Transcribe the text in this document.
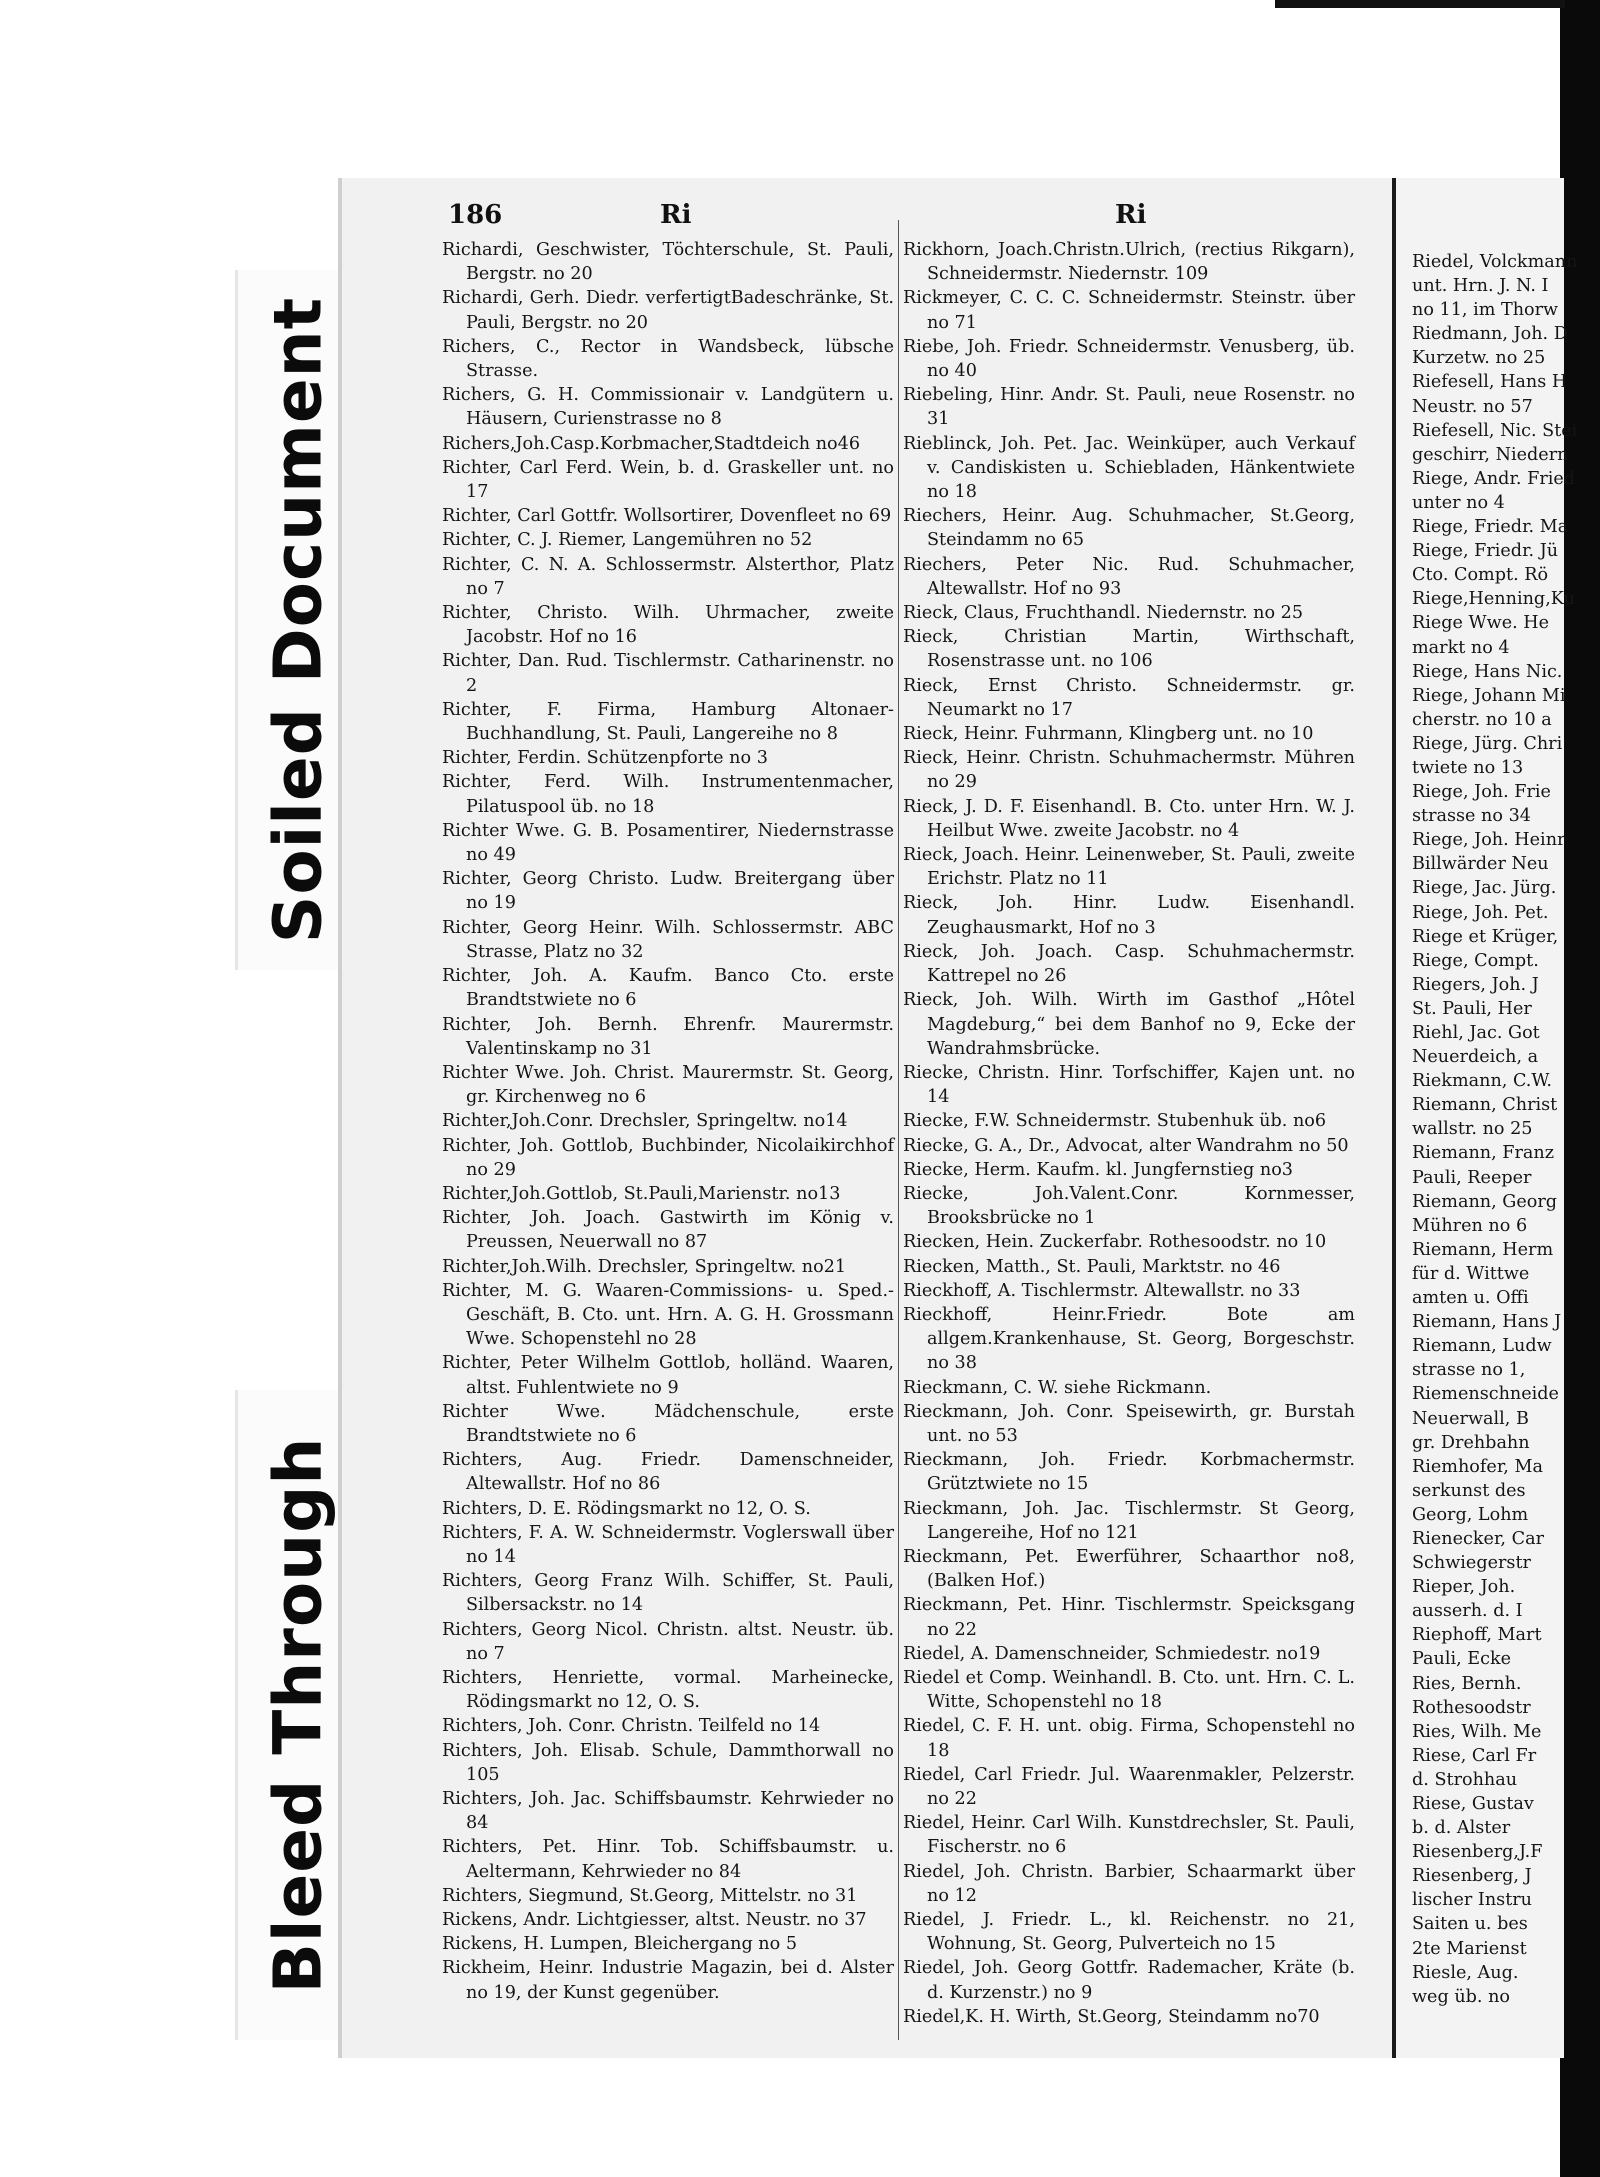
Soiled Document
Bleed Through
186	Ri	Ri
Richardi, Geschwister, Töchterschule, St. Pauli, Bergstr. no 20
Richardi, Gerh. Diedr. verfertigtBadeschränke, St. Pauli, Bergstr. no 20
Richers, C., Rector in Wandsbeck, lübsche Strasse.
Richers, G. H. Commissionair v. Landgütern u. Häusern, Curienstrasse no 8
Richers,Joh.Casp.Korbmacher,Stadtdeich no46
Richter, Carl Ferd. Wein, b. d. Graskeller unt. no 17
Richter, Carl Gottfr. Wollsortirer, Dovenfleet no 69
Richter, C. J. Riemer, Langemühren no 52
Richter, C. N. A. Schlossermstr. Alsterthor, Platz no 7
Richter, Christo. Wilh. Uhrmacher, zweite Jacobstr. Hof no 16
Richter, Dan. Rud. Tischlermstr. Catharinenstr. no 2
Richter, F. Firma, Hamburg Altonaer-Buchhandlung, St. Pauli, Langereihe no 8
Richter, Ferdin. Schützenpforte no 3
Richter, Ferd. Wilh. Instrumentenmacher, Pilatuspool üb. no 18
Richter Wwe. G. B. Posamentirer, Niedernstrasse no 49
Richter, Georg Christo. Ludw. Breitergang über no 19
Richter, Georg Heinr. Wilh. Schlossermstr. ABC Strasse, Platz no 32
Richter, Joh. A. Kaufm. Banco Cto. erste Brandtstwiete no 6
Richter, Joh. Bernh. Ehrenfr. Maurermstr. Valentinskamp no 31
Richter Wwe. Joh. Christ. Maurermstr. St. Georg, gr. Kirchenweg no 6
Richter,Joh.Conr. Drechsler, Springeltw. no14
Richter, Joh. Gottlob, Buchbinder, Nicolaikirchhof no 29
Richter,Joh.Gottlob, St.Pauli,Marienstr. no13
Richter, Joh. Joach. Gastwirth im König v. Preussen, Neuerwall no 87
Richter,Joh.Wilh. Drechsler, Springeltw. no21
Richter, M. G. Waaren-Commissions- u. Sped.-Geschäft, B. Cto. unt. Hrn. A. G. H. Grossmann Wwe. Schopenstehl no 28
Richter, Peter Wilhelm Gottlob, holländ. Waaren, altst. Fuhlentwiete no 9
Richter Wwe. Mädchenschule, erste Brandtstwiete no 6
Richters, Aug. Friedr. Damenschneider, Altewallstr. Hof no 86
Richters, D. E. Rödingsmarkt no 12, O. S.
Richters, F. A. W. Schneidermstr. Voglerswall über no 14
Richters, Georg Franz Wilh. Schiffer, St. Pauli, Silbersackstr. no 14
Richters, Georg Nicol. Christn. altst. Neustr. üb. no 7
Richters, Henriette, vormal. Marheinecke, Rödingsmarkt no 12, O. S.
Richters, Joh. Conr. Christn. Teilfeld no 14
Richters, Joh. Elisab. Schule, Dammthorwall no 105
Richters, Joh. Jac. Schiffsbaumstr. Kehrwieder no 84
Richters, Pet. Hinr. Tob. Schiffsbaumstr. u. Aeltermann, Kehrwieder no 84
Richters, Siegmund, St.Georg, Mittelstr. no 31
Rickens, Andr. Lichtgiesser, altst. Neustr. no 37
Rickens, H. Lumpen, Bleichergang no 5
Rickheim, Heinr. Industrie Magazin, bei d. Alster no 19, der Kunst gegenüber.
Rickhorn, Joach.Christn.Ulrich, (rectius Rikgarn), Schneidermstr. Niedernstr. 109
Rickmeyer, C. C. C. Schneidermstr. Steinstr. über no 71
Riebe, Joh. Friedr. Schneidermstr. Venusberg, üb. no 40
Riebeling, Hinr. Andr. St. Pauli, neue Rosenstr. no 31
Rieblinck, Joh. Pet. Jac. Weinküper, auch Verkauf v. Candiskisten u. Schiebladen, Hänkentwiete no 18
Riechers, Heinr. Aug. Schuhmacher, St.Georg, Steindamm no 65
Riechers, Peter Nic. Rud. Schuhmacher, Altewallstr. Hof no 93
Rieck, Claus, Fruchthandl. Niedernstr. no 25
Rieck, Christian Martin, Wirthschaft, Rosenstrasse unt. no 106
Rieck, Ernst Christo. Schneidermstr. gr. Neumarkt no 17
Rieck, Heinr. Fuhrmann, Klingberg unt. no 10
Rieck, Heinr. Christn. Schuhmachermstr. Mühren no 29
Rieck, J. D. F. Eisenhandl. B. Cto. unter Hrn. W. J. Heilbut Wwe. zweite Jacobstr. no 4
Rieck, Joach. Heinr. Leinenweber, St. Pauli, zweite Erichstr. Platz no 11
Rieck, Joh. Hinr. Ludw. Eisenhandl. Zeughausmarkt, Hof no 3
Rieck, Joh. Joach. Casp. Schuhmachermstr. Kattrepel no 26
Rieck, Joh. Wilh. Wirth im Gasthof „Hôtel Magdeburg,“ bei dem Banhof no 9, Ecke der Wandrahmsbrücke.
Riecke, Christn. Hinr. Torfschiffer, Kajen unt. no 14
Riecke, F.W. Schneidermstr. Stubenhuk üb. no6
Riecke, G. A., Dr., Advocat, alter Wandrahm no 50
Riecke, Herm. Kaufm. kl. Jungfernstieg no3
Riecke, Joh.Valent.Conr. Kornmesser, Brooksbrücke no 1
Riecken, Hein. Zuckerfabr. Rothesoodstr. no 10
Riecken, Matth., St. Pauli, Marktstr. no 46
Rieckhoff, A. Tischlermstr. Altewallstr. no 33
Rieckhoff, Heinr.Friedr. Bote am allgem.Krankenhause, St. Georg, Borgeschstr. no 38
Rieckmann, C. W. siehe Rickmann.
Rieckmann, Joh. Conr. Speisewirth, gr. Burstah unt. no 53
Rieckmann, Joh. Friedr. Korbmachermstr. Grütztwiete no 15
Rieckmann, Joh. Jac. Tischlermstr. St Georg, Langereihe, Hof no 121
Rieckmann, Pet. Ewerführer, Schaarthor no8, (Balken Hof.)
Rieckmann, Pet. Hinr. Tischlermstr. Speicksgang no 22
Riedel, A. Damenschneider, Schmiedestr. no19
Riedel et Comp. Weinhandl. B. Cto. unt. Hrn. C. L. Witte, Schopenstehl no 18
Riedel, C. F. H. unt. obig. Firma, Schopenstehl no 18
Riedel, Carl Friedr. Jul. Waarenmakler, Pelzerstr. no 22
Riedel, Heinr. Carl Wilh. Kunstdrechsler, St. Pauli, Fischerstr. no 6
Riedel, Joh. Christn. Barbier, Schaarmarkt über no 12
Riedel, J. Friedr. L., kl. Reichenstr. no 21, Wohnung, St. Georg, Pulverteich no 15
Riedel, Joh. Georg Gottfr. Rademacher, Kräte (b. d. Kurzenstr.) no 9
Riedel,K. H. Wirth, St.Georg, Steindamm no70
Riedel, Volckmann
unt. Hrn. J. N. I
no 11, im Thorw
Riedmann, Joh. D
Kurzetw. no 25
Riefesell, Hans H
Neustr. no 57
Riefesell, Nic. Stei
geschirr, Niedern
Riege, Andr. Fried
unter no 4
Riege, Friedr. Ma
Riege, Friedr. Jü
Cto. Compt. Rö
Riege,Henning,Ku
Riege Wwe. He
markt no 4
Riege, Hans Nic.
Riege, Johann Mi
cherstr. no 10 a
Riege, Jürg. Chri
twiete no 13
Riege, Joh. Frie
strasse no 34
Riege, Joh. Heinr
Billwärder Neu
Riege, Jac. Jürg.
Riege, Joh. Pet.
Riege et Krüger,
Riege, Compt.
Riegers, Joh. J
St. Pauli, Her
Riehl, Jac. Got
Neuerdeich, a
Riekmann, C.W.
Riemann, Christ
wallstr. no 25
Riemann, Franz
Pauli, Reeper
Riemann, Georg
Mühren no 6
Riemann, Herm
für d. Wittwe
amten u. Offi
Riemann, Hans J
Riemann, Ludw
strasse no 1,
Riemenschneide
Neuerwall, B
gr. Drehbahn
Riemhofer, Ma
serkunst des
Georg, Lohm
Rienecker, Car
Schwiegerstr
Rieper, Joh.
ausserh. d. I
Riephoff, Mart
Pauli, Ecke
Ries, Bernh.
Rothesoodstr
Ries, Wilh. Me
Riese, Carl Fr
d. Strohhau
Riese, Gustav
b. d. Alster
Riesenberg,J.F
Riesenberg, J
lischer Instru
Saiten u. bes
2te Marienst
Riesle, Aug.
weg üb. no
